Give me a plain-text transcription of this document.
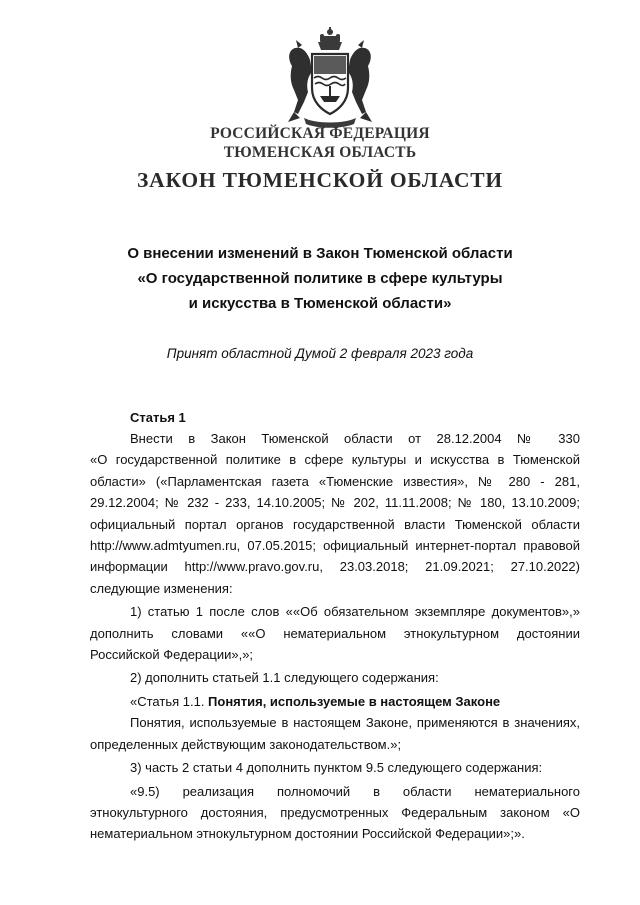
РОССИЙСКАЯ ФЕДЕРАЦИЯ
ТЮМЕНСКАЯ ОБЛАСТЬ
ЗАКОН ТЮМЕНСКОЙ ОБЛАСТИ
О внесении изменений в Закон Тюменской области
«О государственной политике в сфере культуры
и искусства в Тюменской области»
Принят областной Думой 2 февраля 2023 года
Статья 1

Внести в Закон Тюменской области от 28.12.2004 № 330

«О государственной политике в сфере культуры и искусства в Тюменской области» («Парламентская газета «Тюменские известия», № 280 - 281, 29.12.2004; № 232 - 233, 14.10.2005; № 202, 11.11.2008; № 180, 13.10.2009; официальный портал органов государственной власти Тюменской области http://www.admtyumen.ru, 07.05.2015; официальный интернет-портал правовой информации http://www.pravo.gov.ru, 23.03.2018; 21.09.2021; 27.10.2022) следующие изменения:

1) статью 1 после слов ««Об обязательном экземпляре документов»,»

дополнить словами ««О нематериальном этнокультурном достоянии Российской Федерации»,»;

2) дополнить статьей 1.1 следующего содержания:

«Статья 1.1. Понятия, используемые в настоящем Законе

Понятия, используемые в настоящем Законе, применяются в значениях, определенных действующим законодательством.»;

3) часть 2 статьи 4 дополнить пунктом 9.5 следующего содержания:

«9.5) реализация полномочий в области нематериального этнокультурного достояния, предусмотренных Федеральным законом «О нематериальном этнокультурном достоянии Российской Федерации»;».
